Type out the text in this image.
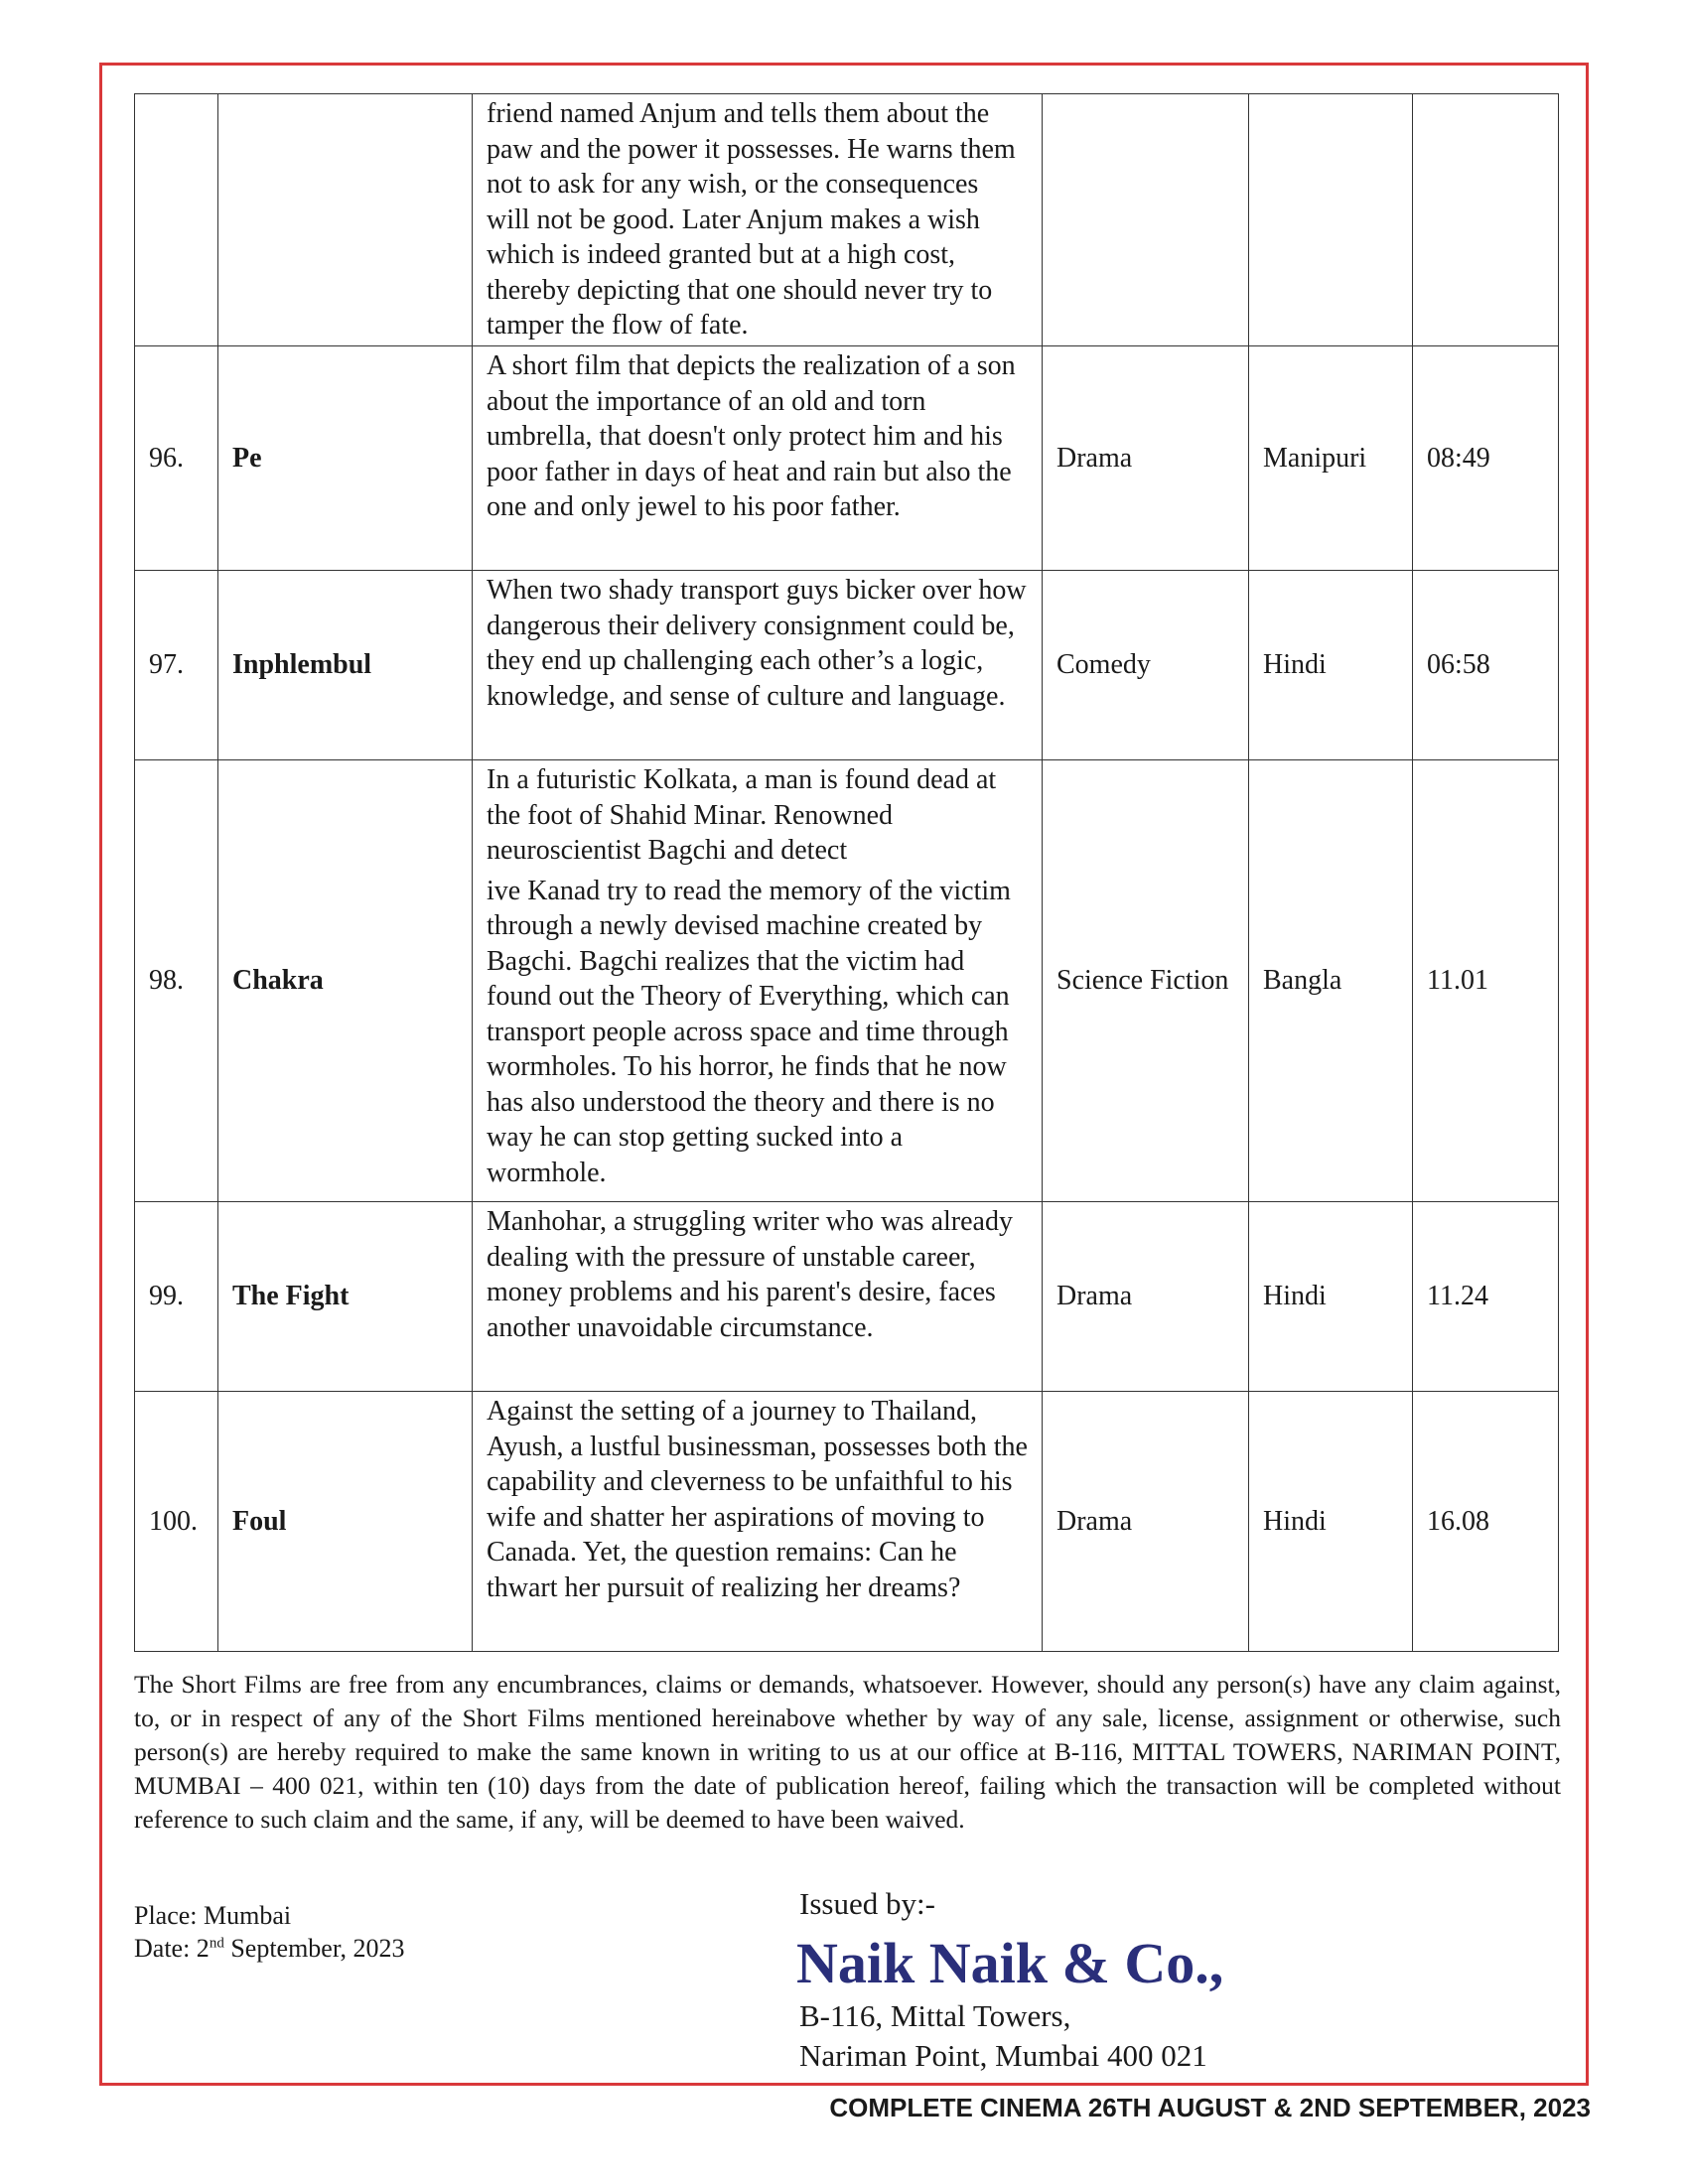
		friend named Anjum and tells them about the paw and the power it possesses. He warns them not to ask for any wish, or the consequences will not be good. Later Anjum makes a wish which is indeed granted but at a high cost, thereby depicting that one should never try to tamper the flow of fate.			
96.	Pe	A short film that depicts the realization of a son about the importance of an old and torn umbrella, that doesn't only protect him and his poor father in days of heat and rain but also the one and only jewel to his poor father.	Drama	Manipuri	08:49
97.	Inphlembul	When two shady transport guys bicker over how dangerous their delivery consignment could be, they end up challenging each other’s a logic, knowledge, and sense of culture and language.	Comedy	Hindi	06:58
98.	Chakra	In a futuristic Kolkata, a man is found dead at the foot of Shahid Minar. Renowned neuroscientist Bagchi and detect
ive Kanad try to read the memory of the victim through a newly devised machine created by Bagchi. Bagchi realizes that the victim had found out the Theory of Everything, which can transport people across space and time through wormholes. To his horror, he finds that he now has also understood the theory and there is no way he can stop getting sucked into a wormhole.	Science Fiction	Bangla	11.01
99.	The Fight	Manhohar, a struggling writer who was already dealing with the pressure of unstable career, money problems and his parent's desire, faces another unavoidable circumstance.	Drama	Hindi	11.24
100.	Foul	Against the setting of a journey to Thailand, Ayush, a lustful businessman, possesses both the capability and cleverness to be unfaithful to his wife and shatter her aspirations of moving to Canada. Yet, the question remains: Can he thwart her pursuit of realizing her dreams?	Drama	Hindi	16.08

The Short Films are free from any encumbrances, claims or demands, whatsoever. However, should any person(s) have any claim against, to, or in respect of any of the Short Films mentioned hereinabove whether by way of any sale, license, assignment or otherwise, such person(s) are hereby required to make the same known in writing to us at our office at B-116, MITTAL TOWERS, NARIMAN POINT, MUMBAI – 400 021, within ten (10) days from the date of publication hereof, failing which the transaction will be completed without reference to such claim and the same, if any, will be deemed to have been waived.

Place: Mumbai
Date: 2nd September, 2023
Issued by:-
Naik Naik & Co.,
B-116, Mittal Towers,
Nariman Point, Mumbai 400 021
COMPLETE CINEMA 26TH AUGUST & 2ND SEPTEMBER, 2023
